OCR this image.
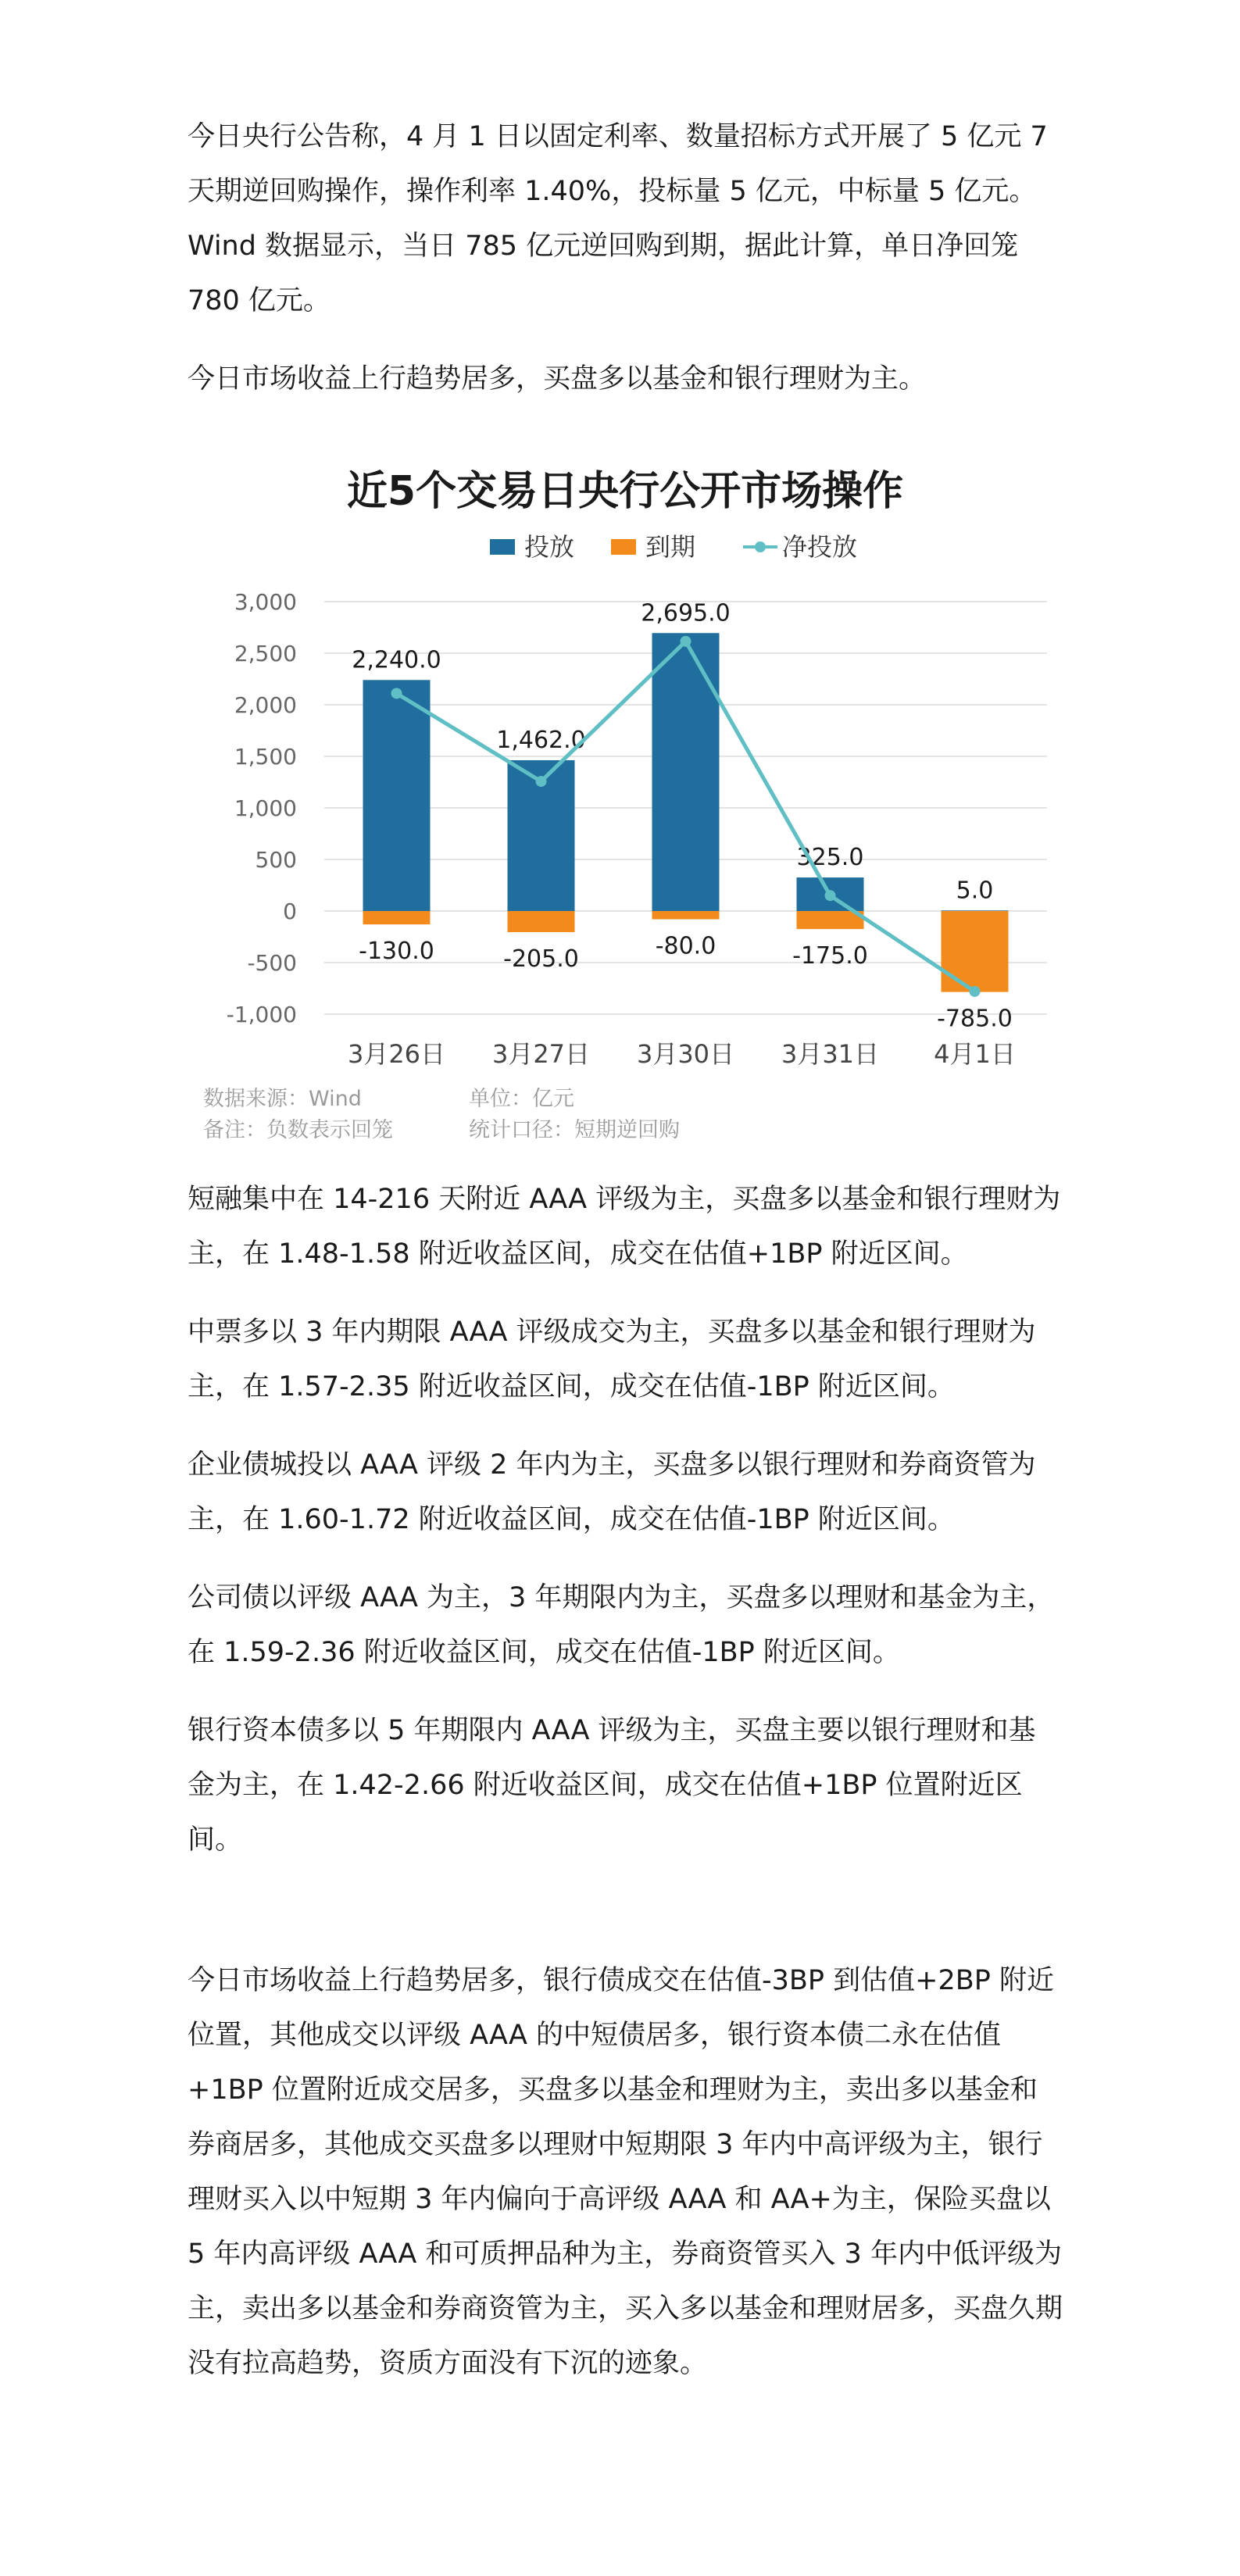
今日央行公告称，4 月 1 日以固定利率、数量招标方式开展了 5 亿元 7 天期逆回购操作，操作利率 1.40%，投标量 5 亿元，中标量 5 亿元。Wind 数据显示，当日 785 亿元逆回购到期，据此计算，单日净回笼 780 亿元。

今日市场收益上行趋势居多，买盘多以基金和银行理财为主。

近5个交易日央行公开市场操作
投放	到期	净投放
3,000
2,500
2,000
1,500
1,000
500
0
-500
-1,000
2,240.0
1,462.0
2,695.0
325.0
5.0
-130.0	-205.0	-80.0	-175.0
-785.0
3月26日 3月27日 3月30日 3月31日 4月1日
数据来源：Wind
备注：负数表示回笼
单位：亿元
统计口径：短期逆回购

短融集中在 14-216 天附近 AAA 评级为主，买盘多以基金和银行理财为主，在 1.48-1.58 附近收益区间，成交在估值+1BP 附近区间。

中票多以 3 年内期限 AAA 评级成交为主，买盘多以基金和银行理财为主，在 1.57-2.35 附近收益区间，成交在估值-1BP 附近区间。

企业债城投以 AAA 评级 2 年内为主，买盘多以银行理财和券商资管为主，在 1.60-1.72 附近收益区间，成交在估值-1BP 附近区间。

公司债以评级 AAA 为主，3 年期限内为主，买盘多以理财和基金为主，在 1.59-2.36 附近收益区间，成交在估值-1BP 附近区间。

银行资本债多以 5 年期限内 AAA 评级为主，买盘主要以银行理财和基金为主，在 1.42-2.66 附近收益区间，成交在估值+1BP 位置附近区间。

今日市场收益上行趋势居多，银行债成交在估值-3BP 到估值+2BP 附近位置，其他成交以评级 AAA 的中短债居多，银行资本债二永在估值+1BP 位置附近成交居多，买盘多以基金和理财为主，卖出多以基金和券商居多，其他成交买盘多以理财中短期限 3 年内中高评级为主，银行理财买入以中短期 3 年内偏向于高评级 AAA 和 AA+为主，保险买盘以 5 年内高评级 AAA 和可质押品种为主，券商资管买入 3 年内中低评级为主，卖出多以基金和券商资管为主，买入多以基金和理财居多，买盘久期没有拉高趋势，资质方面没有下沉的迹象。
